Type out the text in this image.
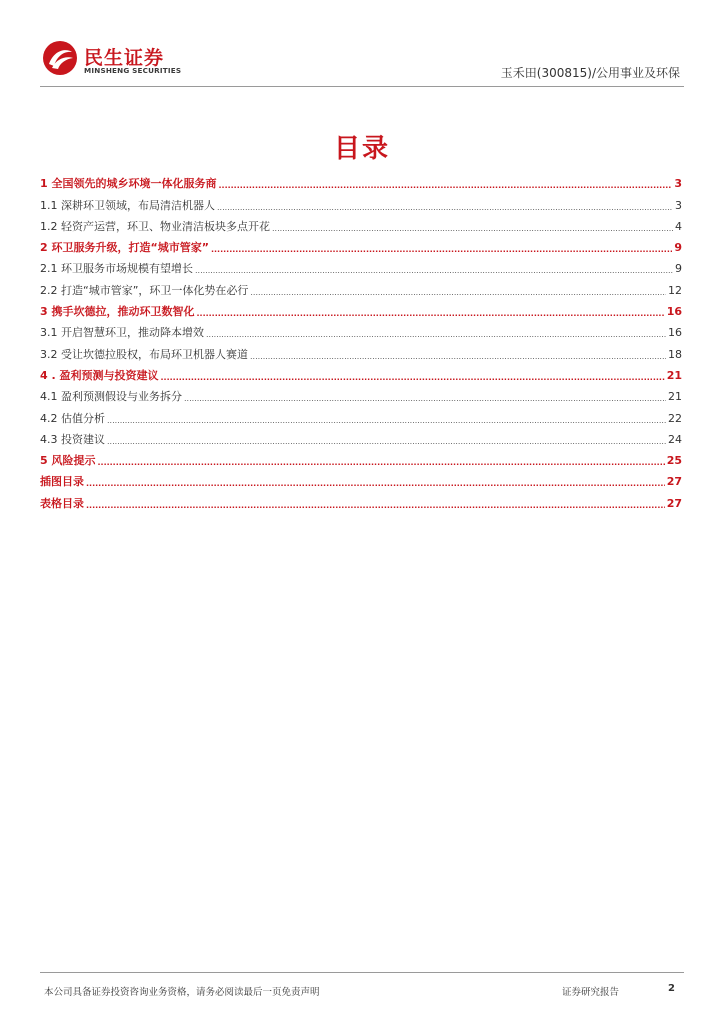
民生证券
MINSHENG SECURITIES	玉禾田(300815)/公用事业及环保
目录
1 全国领先的城乡环境一体化服务商 .....	3
1.1 深耕环卫领域，布局清洁机器人 .....	3
1.2 轻资产运营，环卫、物业清洁板块多点开花 .....	4
2 环卫服务升级，打造“城市管家” .....	9
2.1 环卫服务市场规模有望增长 .....	9
2.2 打造“城市管家”，环卫一体化势在必行 .....	12
3 携手坎德拉，推动环卫数智化 .....	16
3.1 开启智慧环卫，推动降本增效 .....	16
3.2 受让坎德拉股权，布局环卫机器人赛道 .....	18
4 . 盈利预测与投资建议 .....	21
4.1 盈利预测假设与业务拆分 .....	21
4.2 估值分析 .....	22
4.3 投资建议 .....	24
5 风险提示 .....	25
插图目录 .....	27
表格目录 .....	27
本公司具备证券投资咨询业务资格，请务必阅读最后一页免责声明	证券研究报告	2
